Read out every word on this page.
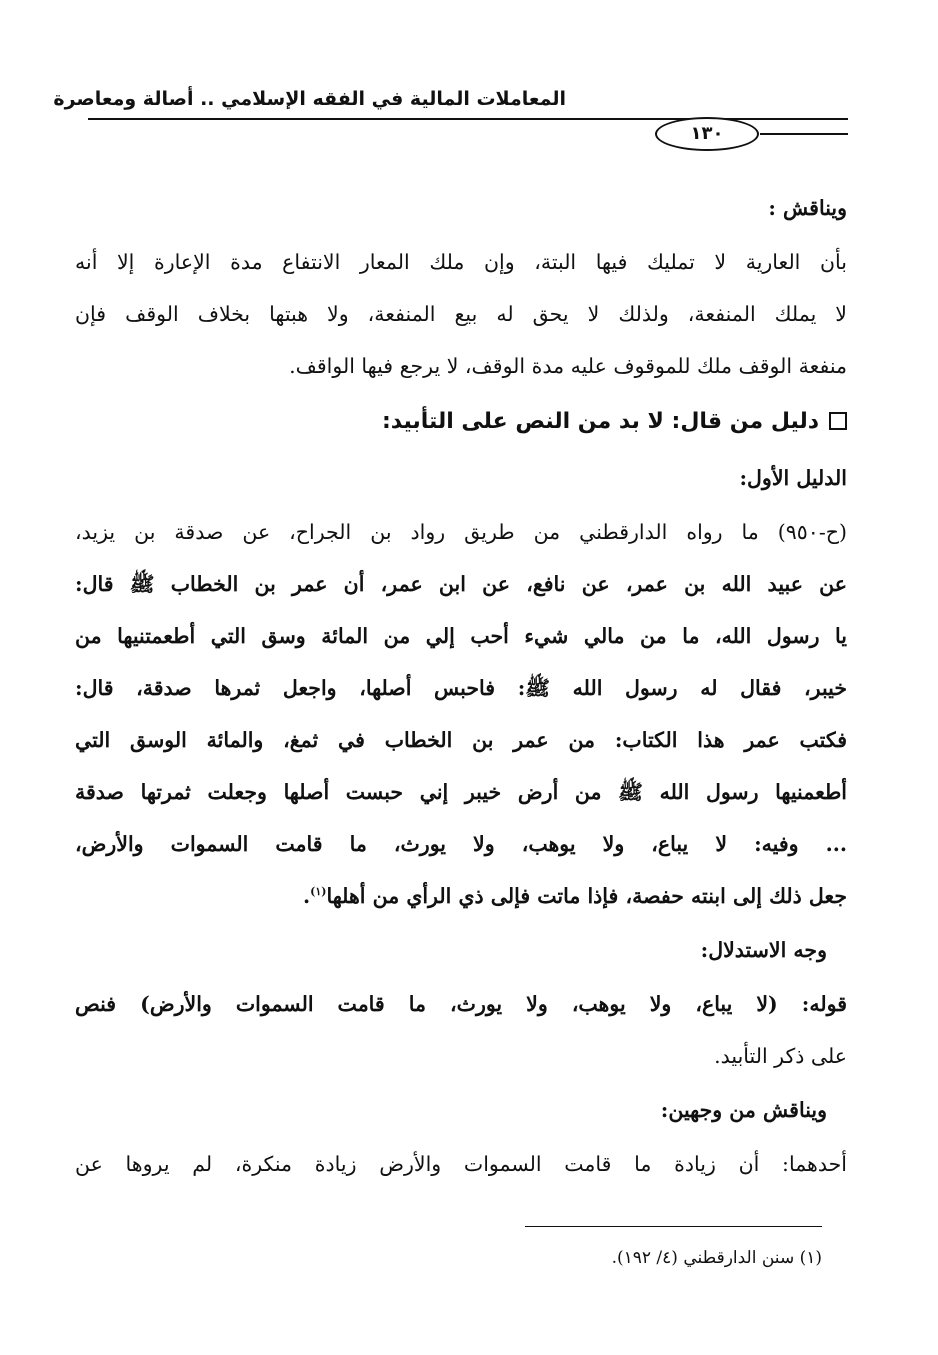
المعاملات المالية في الفقه الإسلامي .. أصالة ومعاصرة
١٣٠
ويناقش :
بأن العارية لا تمليك فيها البتة، وإن ملك المعار الانتفاع مدة الإعارة إلا أنه
لا يملك المنفعة، ولذلك لا يحق له بيع المنفعة، ولا هبتها بخلاف الوقف فإن
منفعة الوقف ملك للموقوف عليه مدة الوقف، لا يرجع فيها الواقف.
دليل من قال: لا بد من النص على التأبيد:
الدليل الأول:
(ح-٩٥٠) ما رواه الدارقطني من طريق رواد بن الجراح، عن صدقة بن يزيد،
عن عبيد الله بن عمر، عن نافع، عن ابن عمر، أن عمر بن الخطاب ﷺ قال:
يا رسول الله، ما من مالي شيء أحب إلي من المائة وسق التي أطعمتنيها من
خيبر، فقال له رسول الله ﷺ: فاحبس أصلها، واجعل ثمرها صدقة، قال:
فكتب عمر هذا الكتاب: من عمر بن الخطاب في ثمغ، والمائة الوسق التي
أطعمنيها رسول الله ﷺ من أرض خيبر إني حبست أصلها وجعلت ثمرتها صدقة
... وفيه: لا يباع، ولا يوهب، ولا يورث، ما قامت السموات والأرض،
جعل ذلك إلى ابنته حفصة، فإذا ماتت فإلى ذي الرأي من أهلها$^{(١)}$.
وجه الاستدلال:
قوله: (لا يباع، ولا يوهب، ولا يورث، ما قامت السموات والأرض) فنص
على ذكر التأبيد.
ويناقش من وجهين:
أحدهما: أن زيادة ما قامت السموات والأرض زيادة منكرة، لم يروها عن
(١) سنن الدارقطني (٤/ ١٩٢).
